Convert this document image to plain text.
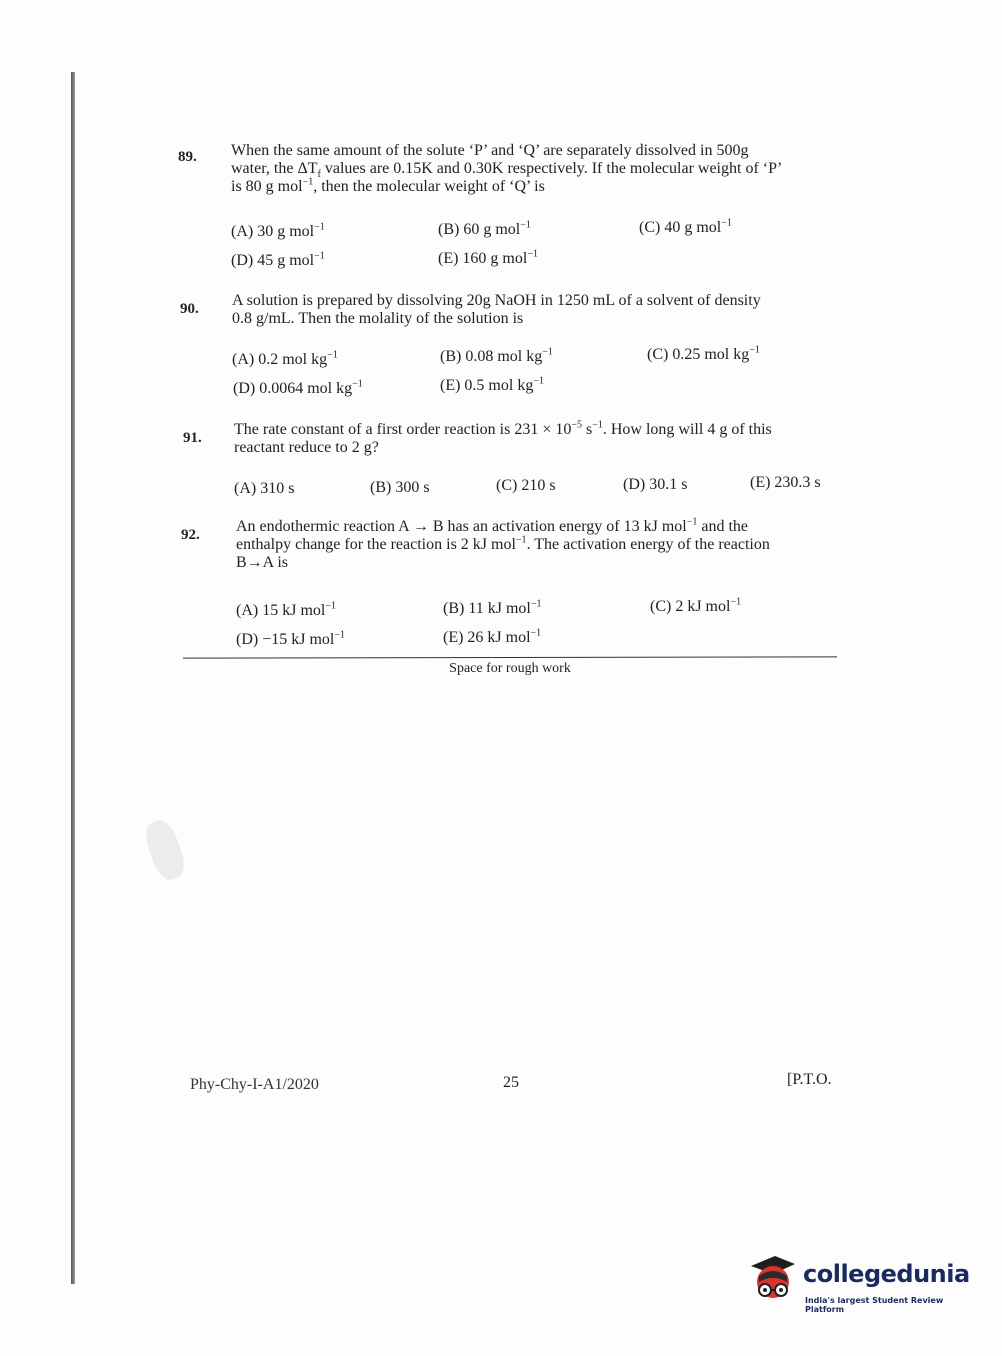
89. When the same amount of the solute ‘P’ and ‘Q’ are separately dissolved in 500g
water, the $\Delta T_f$ values are 0.15K and 0.30K respectively. If the molecular weight of ‘P’
is 80 g mol$^{-1}$, then the molecular weight of ‘Q’ is
(A) 30 g mol$^{-1}$	(B) 60 g mol$^{-1}$	(C) 40 g mol$^{-1}$
(D) 45 g mol$^{-1}$	(E) 160 g mol$^{-1}$
90. A solution is prepared by dissolving 20g NaOH in 1250 mL of a solvent of density
0.8 g/mL. Then the molality of the solution is
(A) 0.2 mol $kg^{-1}$	(B) 0.08 mol $kg^{-1}$	(C) 0.25 mol $kg^{-1}$
(D) 0.0064 mol $kg^{-1}$	(E) 0.5 mol $kg^{-1}$
91. The rate constant of a first order reaction is $231 \times 10^{-5}$ $s^{-1}$. How long will 4 g of this
reactant reduce to 2 g?
(A) 310 s	(B) 300 s	(C) 210 s	(D) 30.1 s	(E) 230.3 s
92. An endothermic reaction A → B has an activation energy of 13 kJ mol$^{-1}$ and the
enthalpy change for the reaction is 2 kJ mol$^{-1}$. The activation energy of the reaction
B→A is
(A) 15 kJ mol$^{-1}$	(B) 11 kJ mol$^{-1}$	(C) 2 kJ mol$^{-1}$
(D) −15 kJ mol$^{-1}$	(E) 26 kJ mol$^{-1}$
Space for rough work
Phy-Chy-I-A1/2020	25	[P.T.O.
collegedunia
India's largest Student Review Platform
